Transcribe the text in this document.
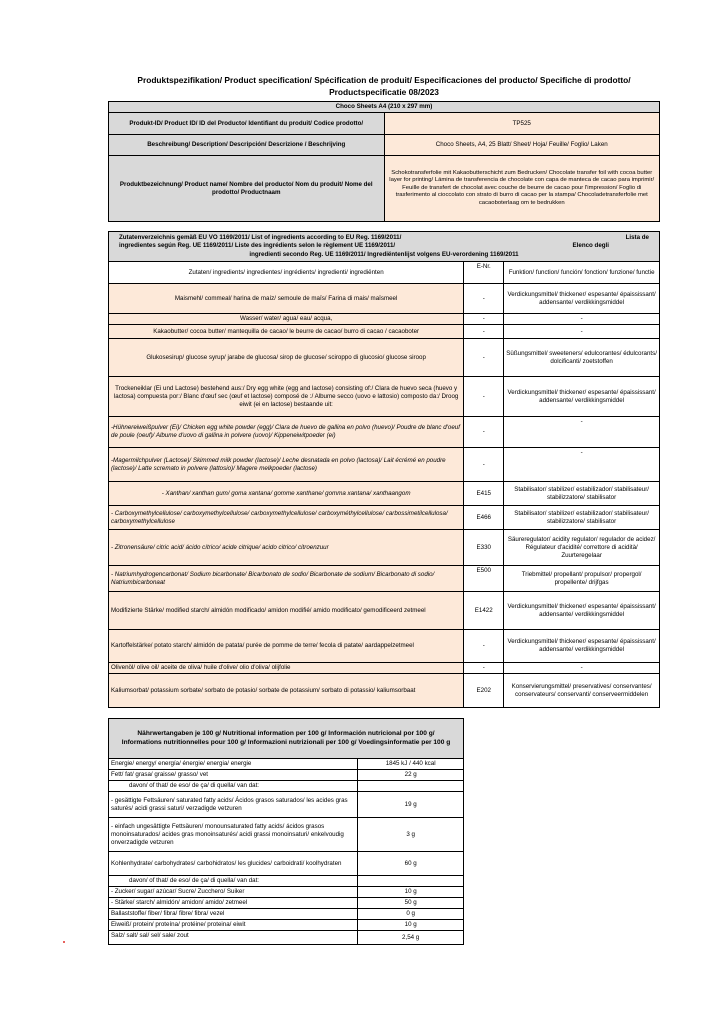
Produktspezifikation/ Product specification/ Spécification de produit/ Especificaciones del producto/ Specifiche di prodotto/ Productspecificatie 08/2023
Choco Sheets A4 (210 x 297 mm)	
Produkt-ID/ Product ID/ ID del Producto/ Identifiant du produit/ Codice prodotto/	TP525
Beschreibung/ Description/ Descripción/ Descrizione / Beschrijving	Choco Sheets, A4, 25 Blatt/ Sheet/ Hoja/ Feuille/ Foglio/ Laken
Produktbezeichnung/ Product name/ Nombre del producto/ Nom du produit/ Nome del prodotto/ Productnaam	Schokotransferfolie mit Kakaobutterschicht zum Bedrucken/ Chocolate transfer foil with cocoa butter layer for printing/ Lámina de transferencia de chocolate con capa de manteca de cacao para imprimir/ Feuille de transfert de chocolat avec couche de beurre de cacao pour l'impression/ Foglio di trasferimento al cioccolato con strato di burro di cacao per la stampa/ Chocoladetransferfolie met cacaoboterlaag om te bedrukken
Zutatenverzeichnis gemäß EU VO 1169/2011/ List of ingredients according to EU Reg. 1169/2011/ Lista de
ingredientes según Reg. UE 1169/2011/ Liste des ingrédients selon le règlement UE 1169/2011/ Elenco degli
ingredienti secondo Reg. UE 1169/2011/ Ingrediëntenlijst volgens EU-verordening 1169/2011		

Zutaten/ ingredients/ ingredientes/ ingrédients/ ingredienti/ ingrediënten	E-Nr.	Funktion/ function/ función/ fonction/ funzione/ functie
Maismehl/ commeal/ harina de maíz/ semoule de maïs/ Farina di mais/ maïsmeel	-	Verdickungsmittel/ thickener/ espesante/ épaississant/ addensante/ verdikkingsmiddel
Wasser/ water/ agua/ eau/ acqua,	-	-
Kakaobutter/ cocoa butter/ mantequilla de cacao/ le beurre de cacao/ burro di cacao / cacaoboter	-	-
Glukosesirup/ glucose syrup/ jarabe de glucosa/ sirop de glucose/ sciroppo di glucosio/ glucose siroop	-	Süßungsmittel/ sweeteners/ edulcorantes/ édulcorants/ dolcificanti/ zoetstoffen
Trockeneiklar (Ei und Lactose) bestehend aus:/ Dry egg white (egg and lactose) consisting of:/ Clara de huevo seca (huevo y lactosa) compuesta por:/ Blanc d'œuf sec (œuf et lactose) composé de :/ Albume secco (uovo e lattosio) composto da:/ Droog eiwit (ei en lactose) bestaande uit:	-	Verdickungsmittel/ thickener/ espesante/ épaississant/ addensante/ verdikkingsmiddel
-Hühnereiweißpulver (Ei)/ Chicken egg white powder (egg)/ Clara de huevo de gallina en polvo (huevo)/ Poudre de blanc d'oeuf de poule (oeuf)/ Albume d'uovo di gallina in polvere (uovo)/ Kippeneiwitpoeder (ei)	-	-
-Magermilchpulver (Lactose)/ Skimmed milk powder (lactose)/ Leche desnatada en polvo (lactosa)/ Lait écrémé en poudre (lactose)/ Latte scremato in polvere (lattosio)/ Magere melkpoeder (lactose)	-	-
- Xanthan/ xanthan gum/ goma xantana/ gomme xanthane/ gomma xantana/ xanthaangom	E415	Stabilisator/ stabilizer/ estabilizador/ stabilisateur/ stabilizzatore/ stabilisator
- Carboxymethylcellulose/ carboxymethylcellulose/ carboxymethylcellulose/ carboxyméthylcellulose/ carbossimetilcellulosa/ carboxymethylcellulose	E466	Stabilisator/ stabilizer/ estabilizador/ stabilisateur/ stabilizzatore/ stabilisator
- Zitronensäure/ citric acid/ ácido cítrico/ acide citrique/ acido citrico/ citroenzuur	E330	Säureregulator/ acidity regulator/ regulador de acidez/ Régulateur d'acidité/ correttore di acidità/ Zuurteregelaar
- Natriumhydrogencarbonat/ Sodium bicarbonate/ Bicarbonato de sodio/ Bicarbonate de sodium/ Bicarbonato di sodio/ Natriumbicarbonaat	E500	Triebmittel/ propellant/ propulsor/ propergol/ propellente/ drijfgas
Modifizierte Stärke/ modified starch/ almidón modificado/ amidon modifié/ amido modificato/ gemodificeerd zetmeel	E1422	Verdickungsmittel/ thickener/ espesante/ épaississant/ addensante/ verdikkingsmiddel
Kartoffelstärke/ potato starch/ almidón de patata/ purée de pomme de terre/ fecola di patate/ aardappelzetmeel	-	Verdickungsmittel/ thickener/ espesante/ épaississant/ addensante/ verdikkingsmiddel
Olivenöl/ olive oil/ aceite de oliva/ huile d'olive/ olio d'oliva/ olijfolie	-	-
Kaliumsorbat/ potassium sorbate/ sorbato de potasio/ sorbate de potassium/ sorbato di potassio/ kaliumsorbaat	E202	Konservierungsmittel/ preservatives/ conservantes/ conservateurs/ conservanti/ conserveermiddelen
Nährwertangaben je 100 g/ Nutritional information per 100 g/ Información nutricional por 100 g/ Informations nutritionnelles pour 100 g/ Informazioni nutrizionali per 100 g/ Voedingsinformatie per 100 g	
Energie/ energy/ energía/ énergie/ energia/ energie	1845 kJ / 440 kcal
Fett/ fat/ grasa/ graisse/ grasso/ vet	22 g
davon/ of that/ de eso/ de ça/ di quella/ van dat:	
- gesättigte Fettsäuren/ saturated fatty acids/ Ácidos grasos saturados/ les acides gras saturés/ acidi grassi saturi/ verzadigde vetzuren	19 g
- einfach ungesättigte Fettsäuren/ monounsaturated fatty acids/ ácidos grasos monoinsaturados/ acides gras monoinsaturés/ acidi grassi monoinsaturi/ enkelvoudig onverzadigde vetzuren	3 g
Kohlenhydrate/ carbohydrates/ carbohidratos/ les glucides/ carboidrati/ koolhydraten	60 g
davon/ of that/ de eso/ de ça/ di quella/ van dat:	
- Zucker/ sugar/ azúcar/ Sucre/ Zucchero/ Suiker	10 g
- Stärke/ starch/ almidón/ amidon/ amido/ zetmeel	50 g
Ballaststoffe/ fiber/ fibra/ fibre/ fibra/ vezel	0 g
Eiweiß/ protein/ proteína/ protéine/ proteina/ eiwit	10 g
Salz/ salt/ sal/ sel/ sale/ zout	2,54 g
